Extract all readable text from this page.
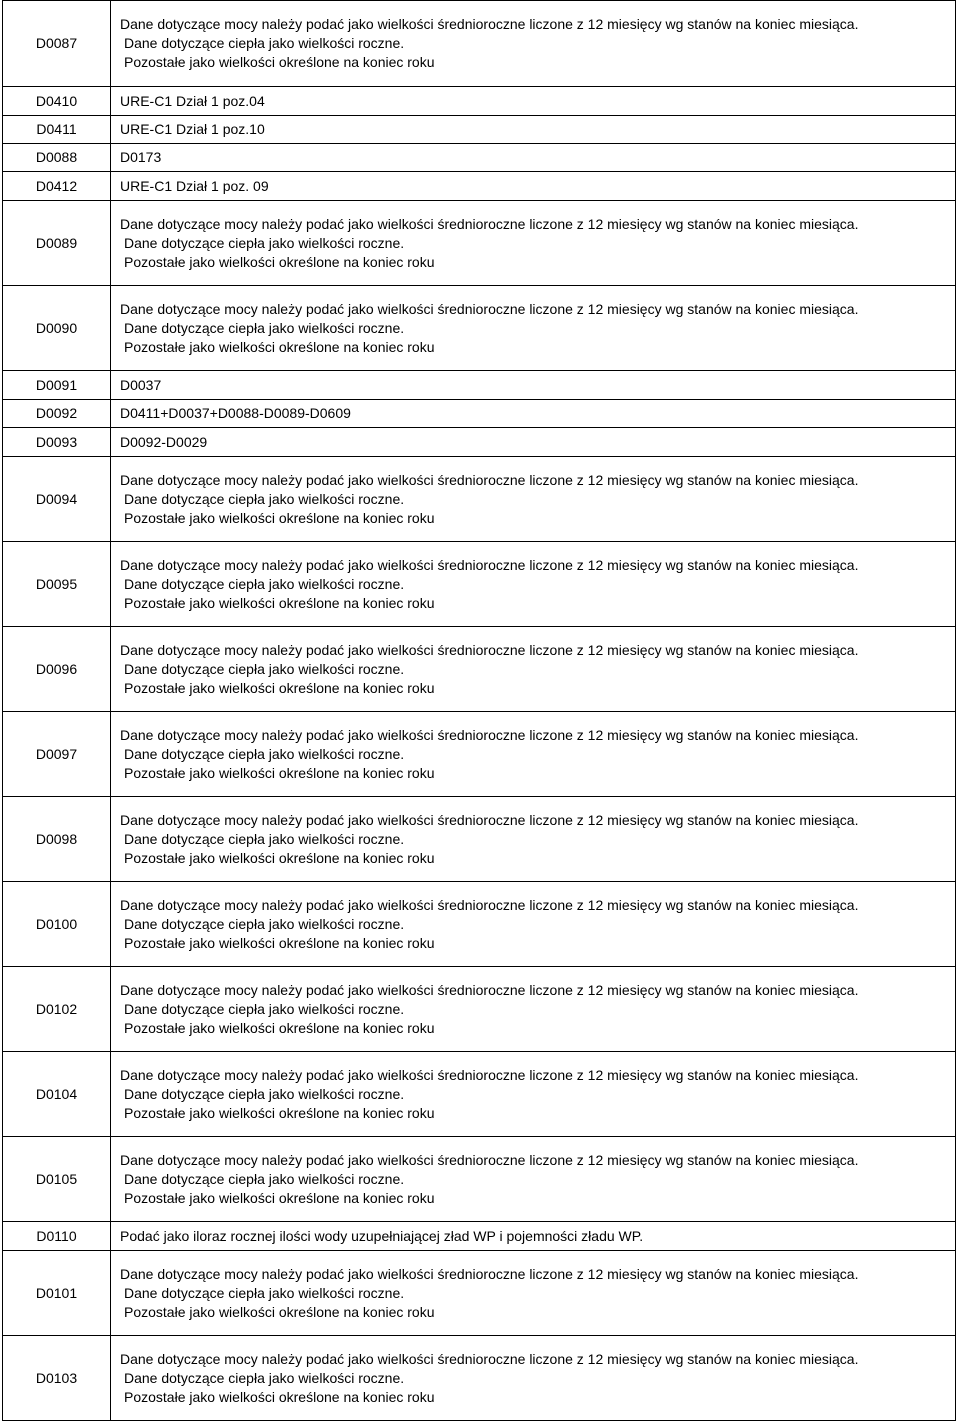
D0087	Dane dotyczące mocy należy podać jako wielkości średnioroczne liczone z 12 miesięcy wg stanów na koniec miesiąca.
Dane dotyczące ciepła jako wielkości roczne.
Pozostałe jako wielkości określone na koniec roku

D0410	URE-C1 Dział 1 poz.04
D0411	URE-C1 Dział 1 poz.10
D0088	D0173
D0412	URE-C1 Dział 1 poz. 09
D0089	Dane dotyczące mocy należy podać jako wielkości średnioroczne liczone z 12 miesięcy wg stanów na koniec miesiąca.
Dane dotyczące ciepła jako wielkości roczne.
Pozostałe jako wielkości określone na koniec roku

D0090	Dane dotyczące mocy należy podać jako wielkości średnioroczne liczone z 12 miesięcy wg stanów na koniec miesiąca.
Dane dotyczące ciepła jako wielkości roczne.
Pozostałe jako wielkości określone na koniec roku

D0091	D0037
D0092	D0411+D0037+D0088-D0089-D0609
D0093	D0092-D0029
D0094	Dane dotyczące mocy należy podać jako wielkości średnioroczne liczone z 12 miesięcy wg stanów na koniec miesiąca.
Dane dotyczące ciepła jako wielkości roczne.
Pozostałe jako wielkości określone na koniec roku

D0095	Dane dotyczące mocy należy podać jako wielkości średnioroczne liczone z 12 miesięcy wg stanów na koniec miesiąca.
Dane dotyczące ciepła jako wielkości roczne.
Pozostałe jako wielkości określone na koniec roku

D0096	Dane dotyczące mocy należy podać jako wielkości średnioroczne liczone z 12 miesięcy wg stanów na koniec miesiąca.
Dane dotyczące ciepła jako wielkości roczne.
Pozostałe jako wielkości określone na koniec roku

D0097	Dane dotyczące mocy należy podać jako wielkości średnioroczne liczone z 12 miesięcy wg stanów na koniec miesiąca.
Dane dotyczące ciepła jako wielkości roczne.
Pozostałe jako wielkości określone na koniec roku

D0098	Dane dotyczące mocy należy podać jako wielkości średnioroczne liczone z 12 miesięcy wg stanów na koniec miesiąca.
Dane dotyczące ciepła jako wielkości roczne.
Pozostałe jako wielkości określone na koniec roku

D0100	Dane dotyczące mocy należy podać jako wielkości średnioroczne liczone z 12 miesięcy wg stanów na koniec miesiąca.
Dane dotyczące ciepła jako wielkości roczne.
Pozostałe jako wielkości określone na koniec roku

D0102	Dane dotyczące mocy należy podać jako wielkości średnioroczne liczone z 12 miesięcy wg stanów na koniec miesiąca.
Dane dotyczące ciepła jako wielkości roczne.
Pozostałe jako wielkości określone na koniec roku

D0104	Dane dotyczące mocy należy podać jako wielkości średnioroczne liczone z 12 miesięcy wg stanów na koniec miesiąca.
Dane dotyczące ciepła jako wielkości roczne.
Pozostałe jako wielkości określone na koniec roku

D0105	Dane dotyczące mocy należy podać jako wielkości średnioroczne liczone z 12 miesięcy wg stanów na koniec miesiąca.
Dane dotyczące ciepła jako wielkości roczne.
Pozostałe jako wielkości określone na koniec roku

D0110	Podać jako iloraz rocznej ilości wody uzupełniającej zład WP i pojemności zładu WP.
D0101	Dane dotyczące mocy należy podać jako wielkości średnioroczne liczone z 12 miesięcy wg stanów na koniec miesiąca.
Dane dotyczące ciepła jako wielkości roczne.
Pozostałe jako wielkości określone na koniec roku

D0103	Dane dotyczące mocy należy podać jako wielkości średnioroczne liczone z 12 miesięcy wg stanów na koniec miesiąca.
Dane dotyczące ciepła jako wielkości roczne.
Pozostałe jako wielkości określone na koniec roku
